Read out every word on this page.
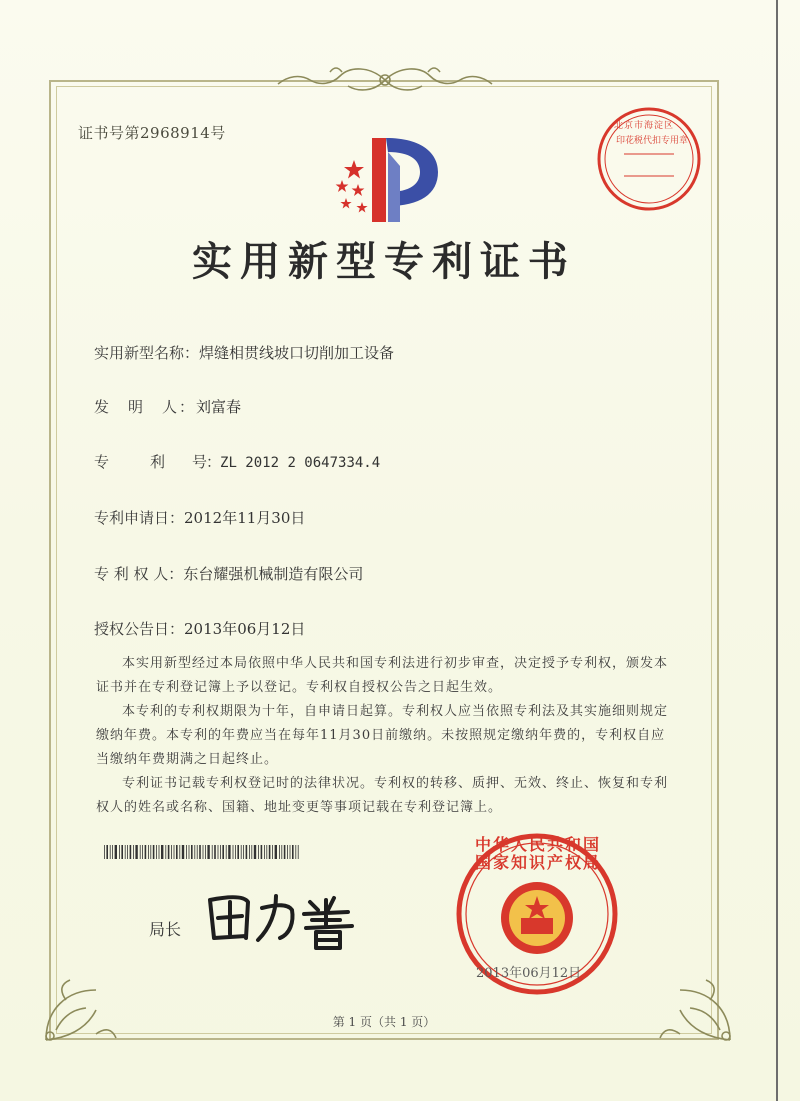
证书号第2968914号	北京市海淀区
印花税代扣专用章
实用新型专利证书
实用新型名称：焊缝相贯线坡口切削加工设备
发　明　人：刘富春
专　　　利　　号：ZL 2012 2 0647334.4
专利申请日：2012年11月30日
专 利 权 人：东台耀强机械制造有限公司
授权公告日：2013年06月12日

本实用新型经过本局依照中华人民共和国专利法进行初步审查，决定授予专利权，颁发本证书并在专利登记簿上予以登记。专利权自授权公告之日起生效。

本专利的专利权期限为十年，自申请日起算。专利权人应当依照专利法及其实施细则规定缴纳年费。本专利的年费应当在每年11月30日前缴纳。未按照规定缴纳年费的，专利权自应当缴纳年费期满之日起终止。

专利证书记载专利权登记时的法律状况。专利权的转移、质押、无效、终止、恢复和专利权人的姓名或名称、国籍、地址变更等事项记载在专利登记簿上。

局长
中华人民共和国国家知识产权局
2013年06月12日
第 1 页（共 1 页）
